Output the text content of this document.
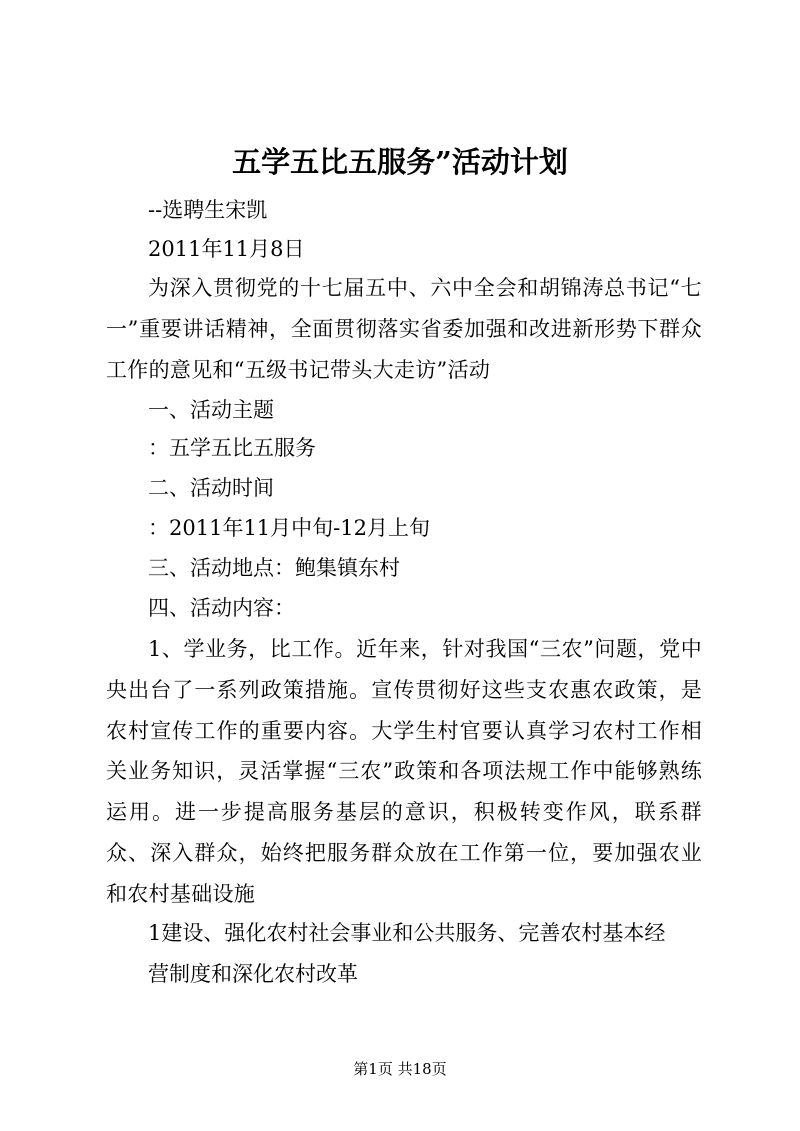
五学五比五服务”活动计划
--选聘生宋凯
2011年11月8日
为深入贯彻党的十七届五中、六中全会和胡锦涛总书记“七一”重要讲话精神，全面贯彻落实省委加强和改进新形势下群众工作的意见和“五级书记带头大走访”活动
一、活动主题
：五学五比五服务
二、活动时间
：2011年11月中旬-12月上旬
三、活动地点：鲍集镇东村
四、活动内容：
1、学业务，比工作。近年来，针对我国“三农”问题，党中央出台了一系列政策措施。宣传贯彻好这些支农惠农政策，是农村宣传工作的重要内容。大学生村官要认真学习农村工作相关业务知识，灵活掌握“三农”政策和各项法规工作中能够熟练运用。进一步提高服务基层的意识，积极转变作风，联系群众、深入群众，始终把服务群众放在工作第一位，要加强农业和农村基础设施
1建设、强化农村社会事业和公共服务、完善农村基本经
营制度和深化农村改革
第1页 共18页
